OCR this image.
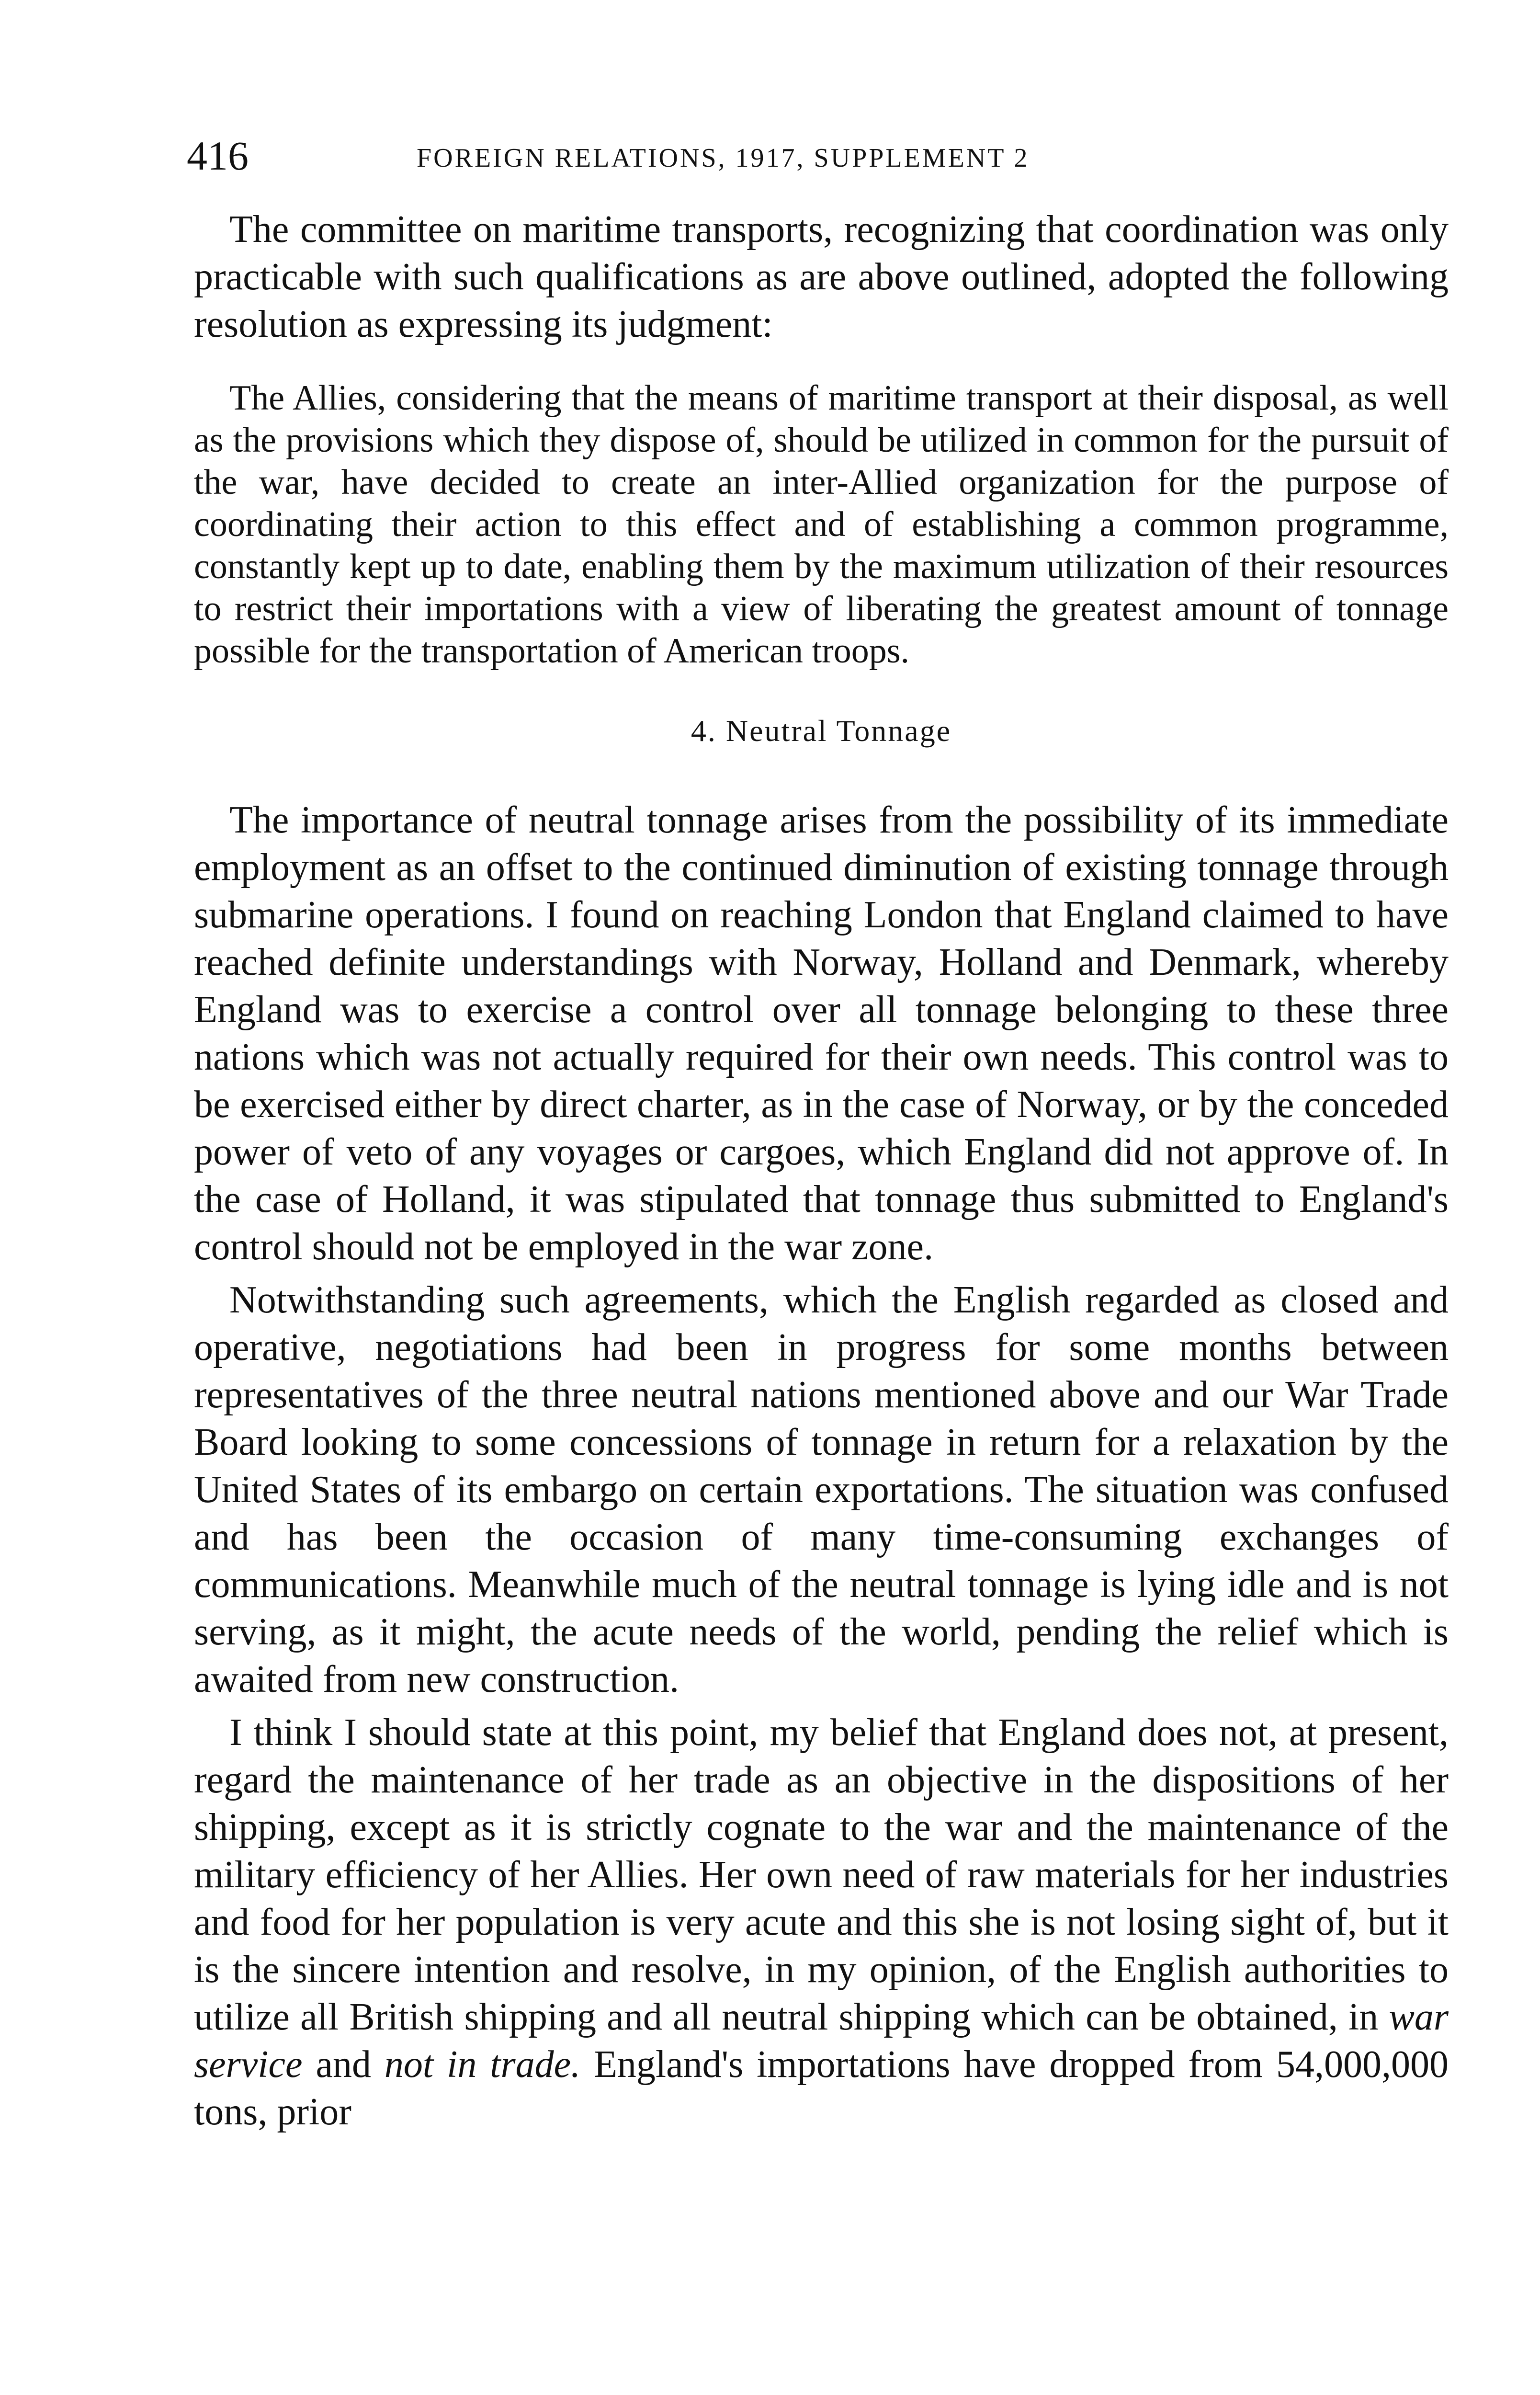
416	FOREIGN RELATIONS, 1917, SUPPLEMENT 2

The committee on maritime transports, recognizing that coordination was only practicable with such qualifications as are above outlined, adopted the following resolution as expressing its judgment:

The Allies, considering that the means of maritime transport at their disposal, as well as the provisions which they dispose of, should be utilized in common for the pursuit of the war, have decided to create an inter-Allied organization for the purpose of coordinating their action to this effect and of establishing a common programme, constantly kept up to date, enabling them by the maximum utilization of their resources to restrict their importations with a view of liberating the greatest amount of tonnage possible for the transportation of American troops.

4. Neutral Tonnage

The importance of neutral tonnage arises from the possibility of its immediate employment as an offset to the continued diminution of existing tonnage through submarine operations. I found on reaching London that England claimed to have reached definite understandings with Norway, Holland and Denmark, whereby England was to exercise a control over all tonnage belonging to these three nations which was not actually required for their own needs. This control was to be exercised either by direct charter, as in the case of Norway, or by the conceded power of veto of any voyages or cargoes, which England did not approve of. In the case of Holland, it was stipulated that tonnage thus submitted to England's control should not be employed in the war zone.

Notwithstanding such agreements, which the English regarded as closed and operative, negotiations had been in progress for some months between representatives of the three neutral nations mentioned above and our War Trade Board looking to some concessions of tonnage in return for a relaxation by the United States of its embargo on certain exportations. The situation was confused and has been the occasion of many time-consuming exchanges of communications. Meanwhile much of the neutral tonnage is lying idle and is not serving, as it might, the acute needs of the world, pending the relief which is awaited from new construction.

I think I should state at this point, my belief that England does not, at present, regard the maintenance of her trade as an objective in the dispositions of her shipping, except as it is strictly cognate to the war and the maintenance of the military efficiency of her Allies. Her own need of raw materials for her industries and food for her population is very acute and this she is not losing sight of, but it is the sincere intention and resolve, in my opinion, of the English authorities to utilize all British shipping and all neutral shipping which can be obtained, in war service and not in trade. England's importations have dropped from 54,000,000 tons, prior
